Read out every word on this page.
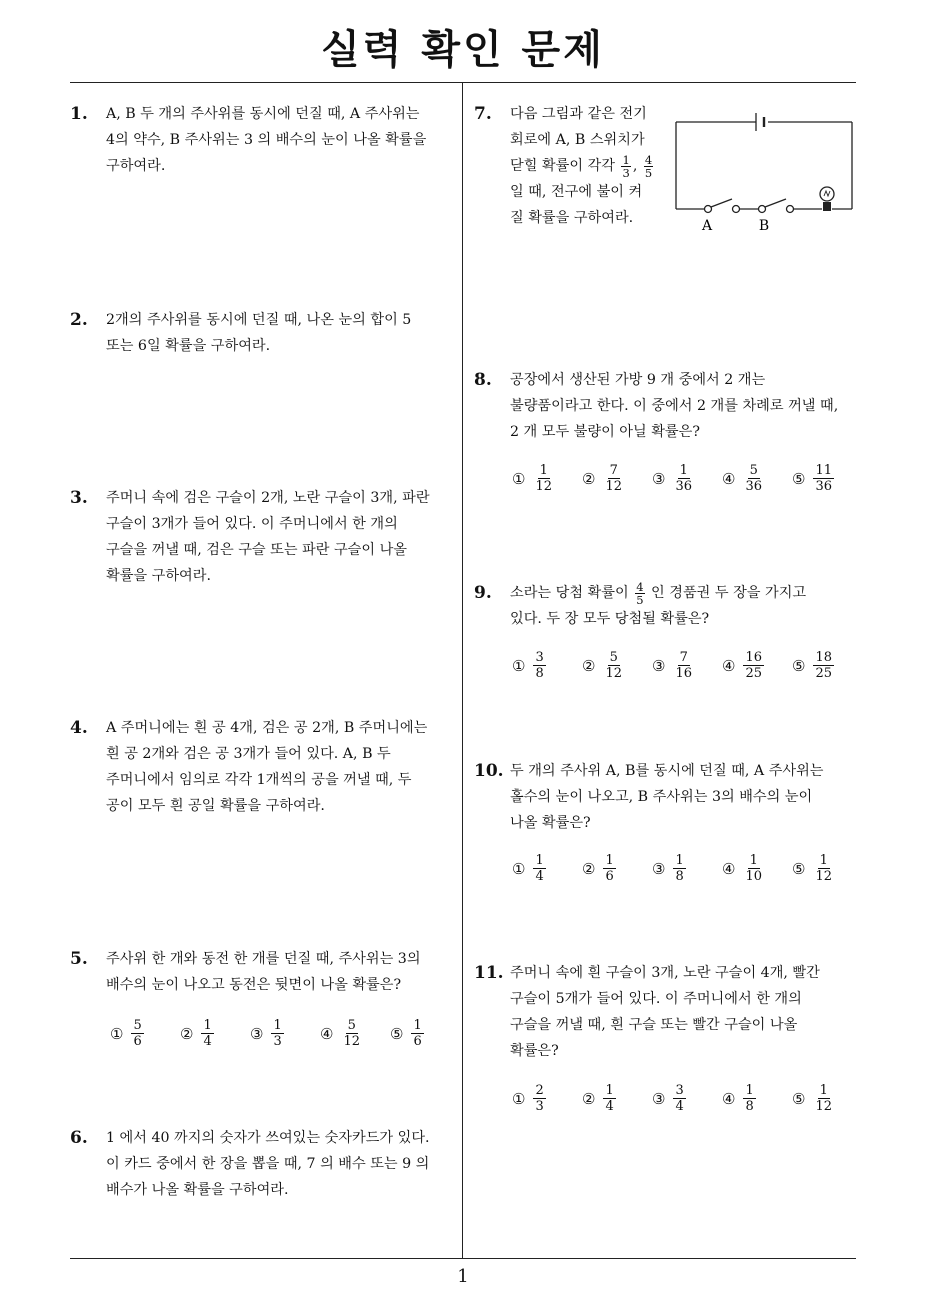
실력 확인 문제
1
1. A, B 두 개의 주사위를 동시에 던질 때, A 주사위는
4의 약수, B 주사위는 3 의 배수의 눈이 나올 확률을
구하여라.
2. 2개의 주사위를 동시에 던질 때, 나온 눈의 합이 5
또는 6일 확률을 구하여라.
3. 주머니 속에 검은 구슬이 2개, 노란 구슬이 3개, 파란
구슬이 3개가 들어 있다. 이 주머니에서 한 개의
구슬을 꺼낼 때, 검은 구슬 또는 파란 구슬이 나올
확률을 구하여라.
4. A 주머니에는 흰 공 4개, 검은 공 2개, B 주머니에는
흰 공 2개와 검은 공 3개가 들어 있다. A, B 두
주머니에서 임의로 각각 1개씩의 공을 꺼낼 때, 두
공이 모두 흰 공일 확률을 구하여라.
5. 주사위 한 개와 동전 한 개를 던질 때, 주사위는 3의
배수의 눈이 나오고 동전은 뒷면이 나올 확률은?
① $\frac{5}{6}$ ② $\frac{1}{4}$ ③ $\frac{1}{3}$ ④ $\frac{5}{12}$ ⑤ $\frac{1}{6}$
6. 1 에서 40 까지의 숫자가 쓰여있는 숫자카드가 있다.
이 카드 중에서 한 장을 뽑을 때, 7 의 배수 또는 9 의
배수가 나올 확률을 구하여라.
7. 다음 그림과 같은 전기
회로에 A, B 스위치가
닫힐 확률이 각각 $\frac{1}{3}$ , $\frac{4}{5}$
일 때, 전구에 불이 켜
질 확률을 구하여라.	A	B
8. 공장에서 생산된 가방 9 개 중에서 2 개는
불량품이라고 한다. 이 중에서 2 개를 차례로 꺼낼 때,
2 개 모두 불량이 아닐 확률은?
① $\frac{1}{12}$ ② $\frac{7}{12}$ ③ $\frac{1}{36}$ ④ $\frac{5}{36}$ ⑤ $\frac{11}{36}$
9. 소라는 당첨 확률이 $\frac{4}{5}$ 인 경품권 두 장을 가지고
있다. 두 장 모두 당첨될 확률은?
① $\frac{3}{8}$ ② $\frac{5}{12}$ ③ $\frac{7}{16}$ ④ $\frac{16}{25}$ ⑤ $\frac{18}{25}$
10. 두 개의 주사위 A, B를 동시에 던질 때, A 주사위는
홀수의 눈이 나오고, B 주사위는 3의 배수의 눈이
나올 확률은?
① $\frac{1}{4}$ ② $\frac{1}{6}$ ③ $\frac{1}{8}$ ④ $\frac{1}{10}$ ⑤ $\frac{1}{12}$
11. 주머니 속에 흰 구슬이 3개, 노란 구슬이 4개, 빨간
구슬이 5개가 들어 있다. 이 주머니에서 한 개의
구슬을 꺼낼 때, 흰 구슬 또는 빨간 구슬이 나올
확률은?
① $\frac{2}{3}$ ② $\frac{1}{4}$ ③ $\frac{3}{4}$ ④ $\frac{1}{8}$ ⑤ $\frac{1}{12}$
